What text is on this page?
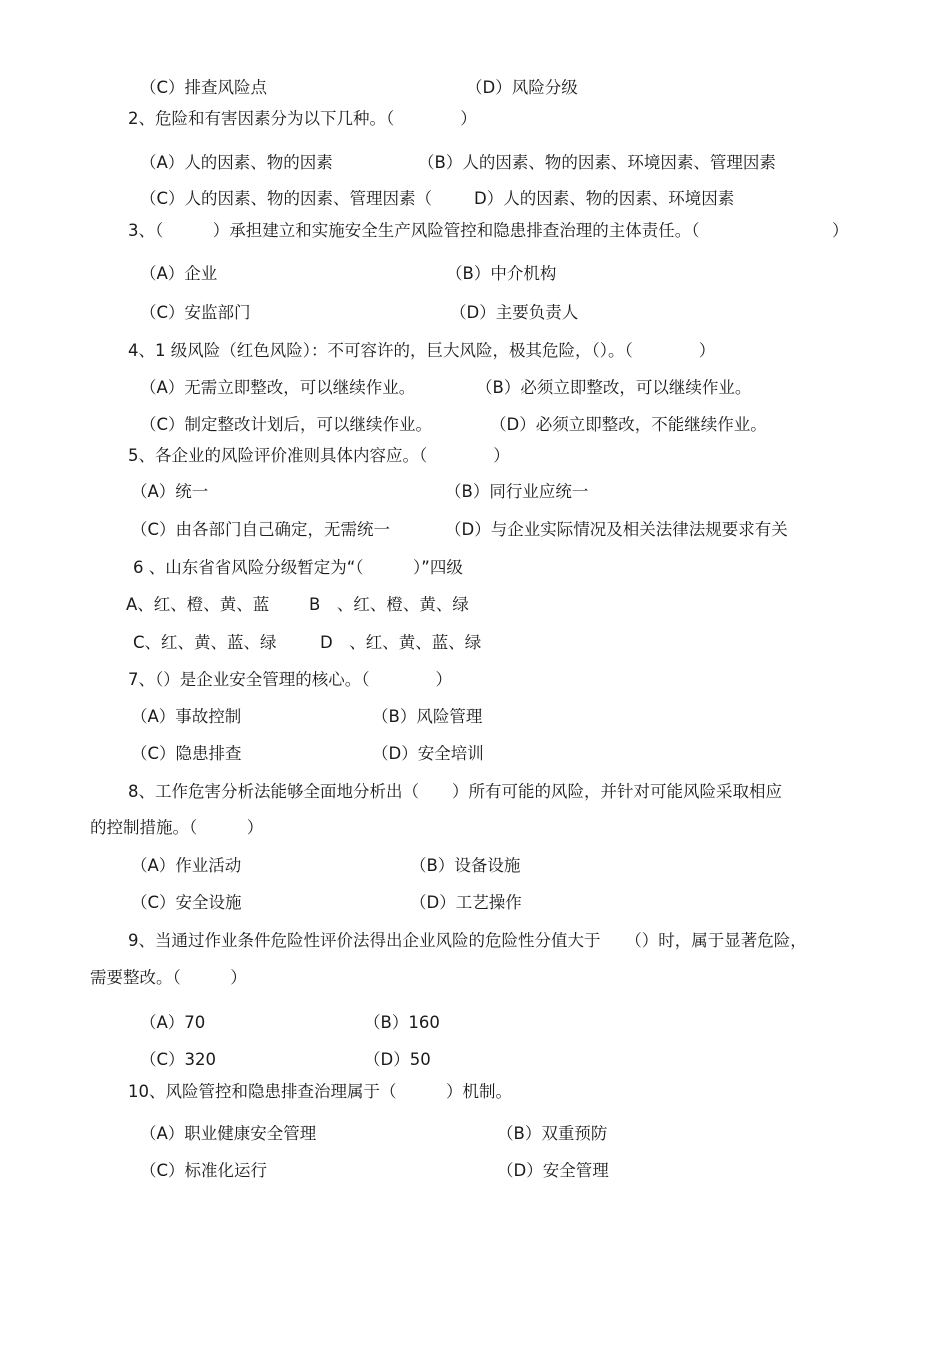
（C）排查风险点	（D）风险分级
2、危险和有害因素分为以下几种。（　　　　）
（A）人的因素、物的因素	（B）人的因素、物的因素、环境因素、管理因素
（C）人的因素、物的因素、管理因素（	D）人的因素、物的因素、环境因素
3、（　　　）承担建立和实施安全生产风险管控和隐患排查治理的主体责任。（	）
（A）企业	（B）中介机构
（C）安监部门	（D）主要负责人
4、1 级风险（红色风险）：不可容许的，巨大风险，极其危险，（）。（　　　　）
（A）无需立即整改，可以继续作业。	（B）必须立即整改，可以继续作业。
（C）制定整改计划后，可以继续作业。	（D）必须立即整改，不能继续作业。
5、各企业的风险评价准则具体内容应。（　　　　）
（A）统一	（B）同行业应统一
（C）由各部门自己确定，无需统一	（D）与企业实际情况及相关法律法规要求有关
6 、山东省省风险分级暂定为“（　　　）”四级
A、红、橙、黄、蓝 B　、红、橙、黄、绿
C、红、黄、蓝、绿	D　、红、黄、蓝、绿
7、（）是企业安全管理的核心。（　　　　）
（A）事故控制	（B）风险管理
（C）隐患排查	（D）安全培训
8、工作危害分析法能够全面地分析出（　　）所有可能的风险，并针对可能风险采取相应
的控制措施。（　　　）
（A）作业活动	（B）设备设施
（C）安全设施	（D）工艺操作
9、当通过作业条件危险性评价法得出企业风险的危险性分值大于　　（）时，属于显著危险，
需要整改。（　　　）
（A）70	（B）160
（C）320	（D）50
10、风险管控和隐患排查治理属于（　　　）机制。
（A）职业健康安全管理	（B）双重预防
（C）标准化运行	（D）安全管理
